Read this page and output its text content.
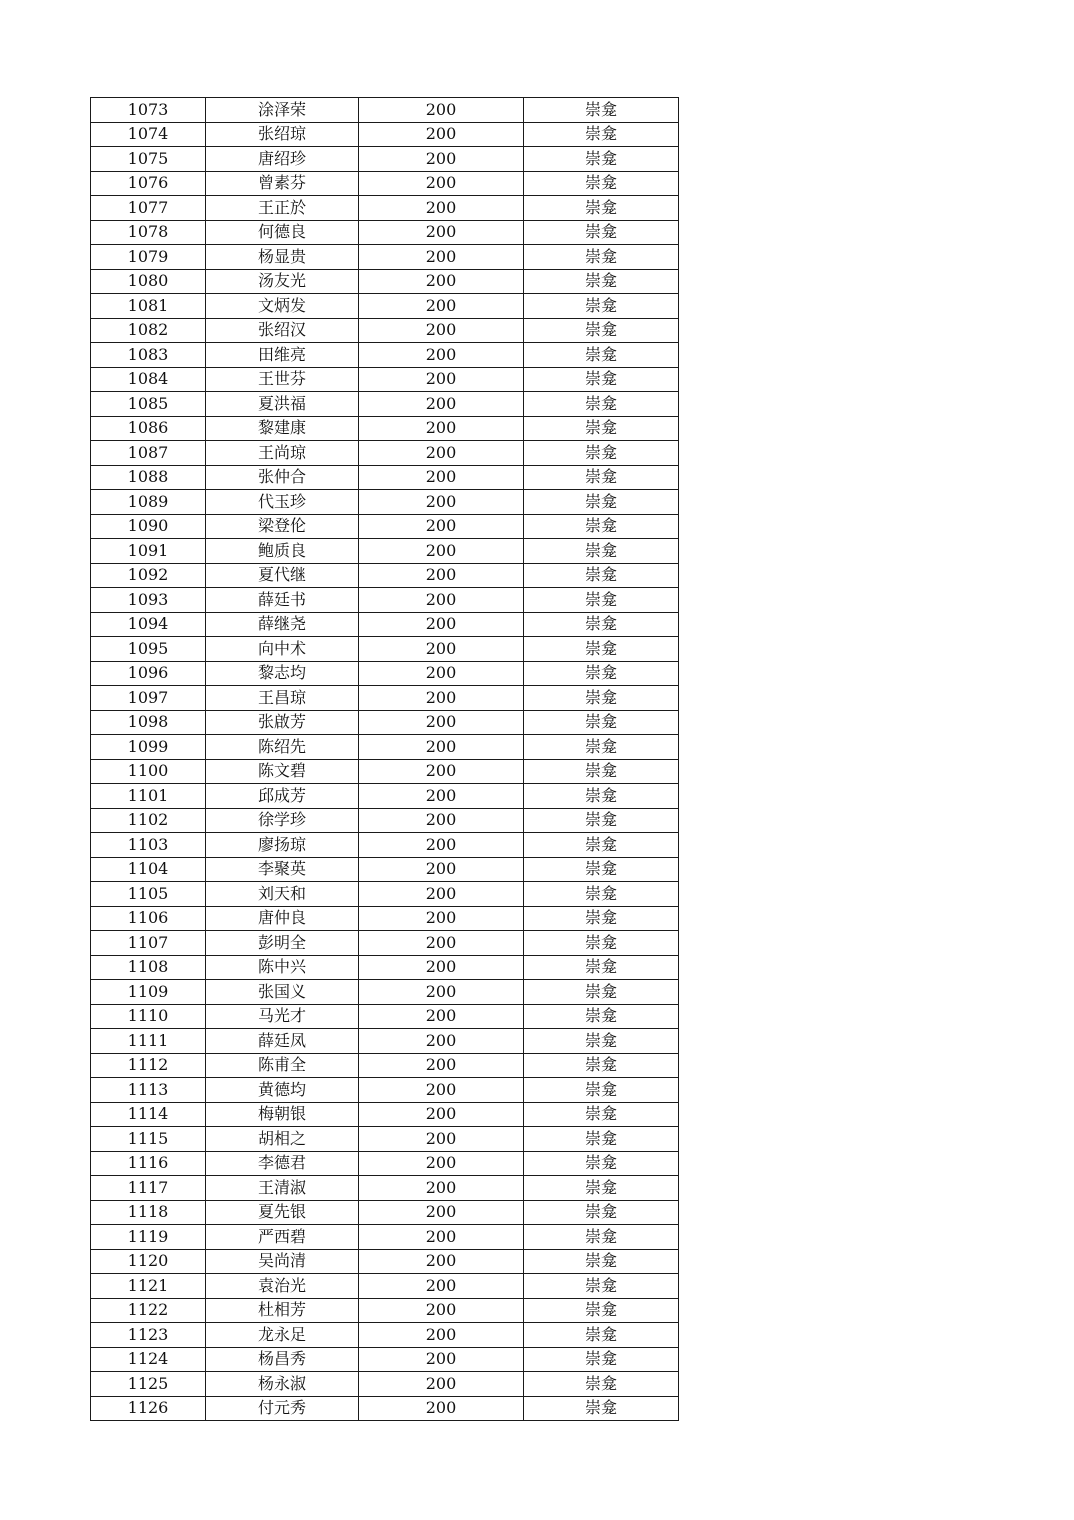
1073	涂泽荣	200	崇龛
1074	张绍琼	200	崇龛
1075	唐绍珍	200	崇龛
1076	曾素芬	200	崇龛
1077	王正於	200	崇龛
1078	何德良	200	崇龛
1079	杨显贵	200	崇龛
1080	汤友光	200	崇龛
1081	文炳发	200	崇龛
1082	张绍汉	200	崇龛
1083	田维亮	200	崇龛
1084	王世芬	200	崇龛
1085	夏洪福	200	崇龛
1086	黎建康	200	崇龛
1087	王尚琼	200	崇龛
1088	张仲合	200	崇龛
1089	代玉珍	200	崇龛
1090	梁登伦	200	崇龛
1091	鲍质良	200	崇龛
1092	夏代继	200	崇龛
1093	薛廷书	200	崇龛
1094	薛继尧	200	崇龛
1095	向中术	200	崇龛
1096	黎志均	200	崇龛
1097	王昌琼	200	崇龛
1098	张啟芳	200	崇龛
1099	陈绍先	200	崇龛
1100	陈文碧	200	崇龛
1101	邱成芳	200	崇龛
1102	徐学珍	200	崇龛
1103	廖扬琼	200	崇龛
1104	李聚英	200	崇龛
1105	刘天和	200	崇龛
1106	唐仲良	200	崇龛
1107	彭明全	200	崇龛
1108	陈中兴	200	崇龛
1109	张国义	200	崇龛
1110	马光才	200	崇龛
1111	薛廷凤	200	崇龛
1112	陈甫全	200	崇龛
1113	黄德均	200	崇龛
1114	梅朝银	200	崇龛
1115	胡相之	200	崇龛
1116	李德君	200	崇龛
1117	王清淑	200	崇龛
1118	夏先银	200	崇龛
1119	严西碧	200	崇龛
1120	吴尚清	200	崇龛
1121	袁治光	200	崇龛
1122	杜相芳	200	崇龛
1123	龙永足	200	崇龛
1124	杨昌秀	200	崇龛
1125	杨永淑	200	崇龛
1126	付元秀	200	崇龛
